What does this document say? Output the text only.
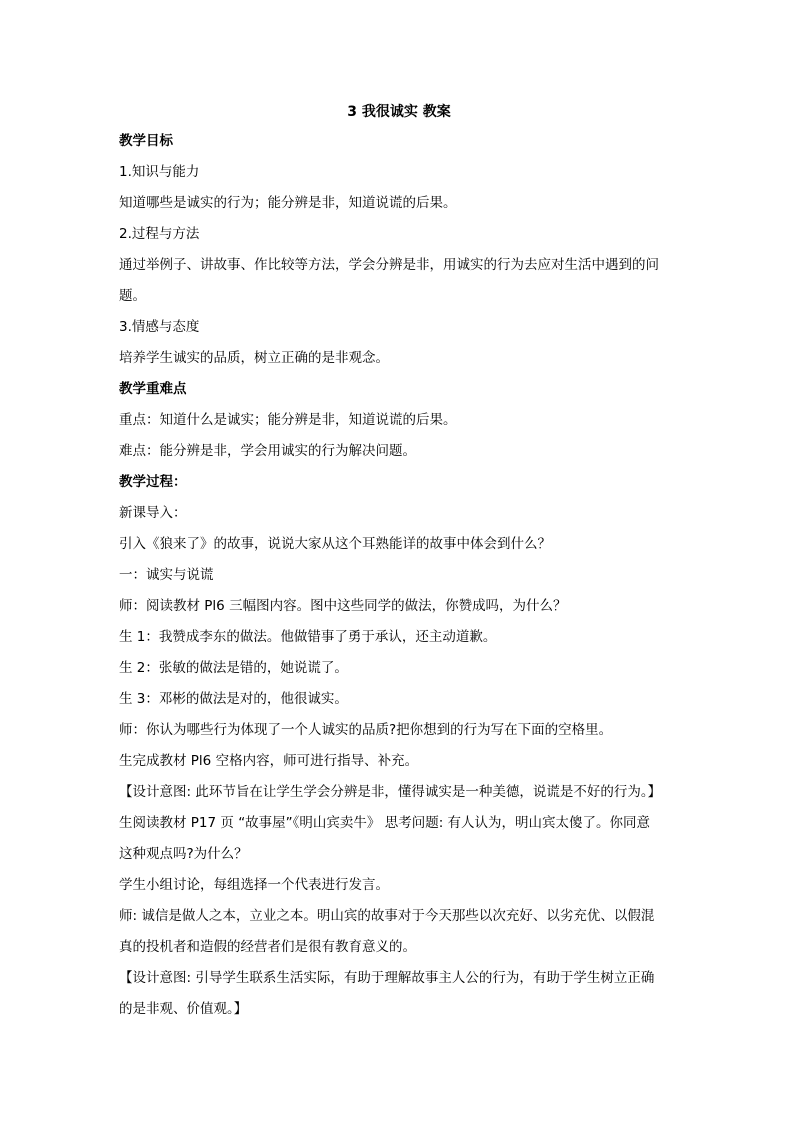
3 我很诚实 教案
教学目标
1.知识与能力
知道哪些是诚实的行为；能分辨是非，知道说谎的后果。
2.过程与方法
通过举例子、讲故事、作比较等方法，学会分辨是非，用诚实的行为去应对生活中遇到的问
题。
3.情感与态度
培养学生诚实的品质，树立正确的是非观念。
教学重难点
重点：知道什么是诚实；能分辨是非，知道说谎的后果。
难点：能分辨是非，学会用诚实的行为解决问题。
教学过程：
新课导入：
引入《狼来了》的故事，说说大家从这个耳熟能详的故事中体会到什么？
一：诚实与说谎
师：阅读教材 Pl6 三幅图内容。图中这些同学的做法，你赞成吗，为什么？
生 1：我赞成李东的做法。他做错事了勇于承认，还主动道歉。
生 2：张敏的做法是错的，她说谎了。
生 3：邓彬的做法是对的，他很诚实。
师：你认为哪些行为体现了一个人诚实的品质?把你想到的行为写在下面的空格里。
生完成教材 Pl6 空格内容，师可进行指导、补充。
【设计意图: 此环节旨在让学生学会分辨是非，懂得诚实是一种美德，说谎是不好的行为。】
生阅读教材 P17 页 “故事屋”《明山宾卖牛》 思考问题: 有人认为，明山宾太傻了。你同意
这种观点吗?为什么？
学生小组讨论，每组选择一个代表进行发言。
师: 诚信是做人之本，立业之本。明山宾的故事对于今天那些以次充好、以劣充优、以假混
真的投机者和造假的经营者们是很有教育意义的。
【设计意图: 引导学生联系生活实际，有助于理解故事主人公的行为，有助于学生树立正确
的是非观、价值观。】
